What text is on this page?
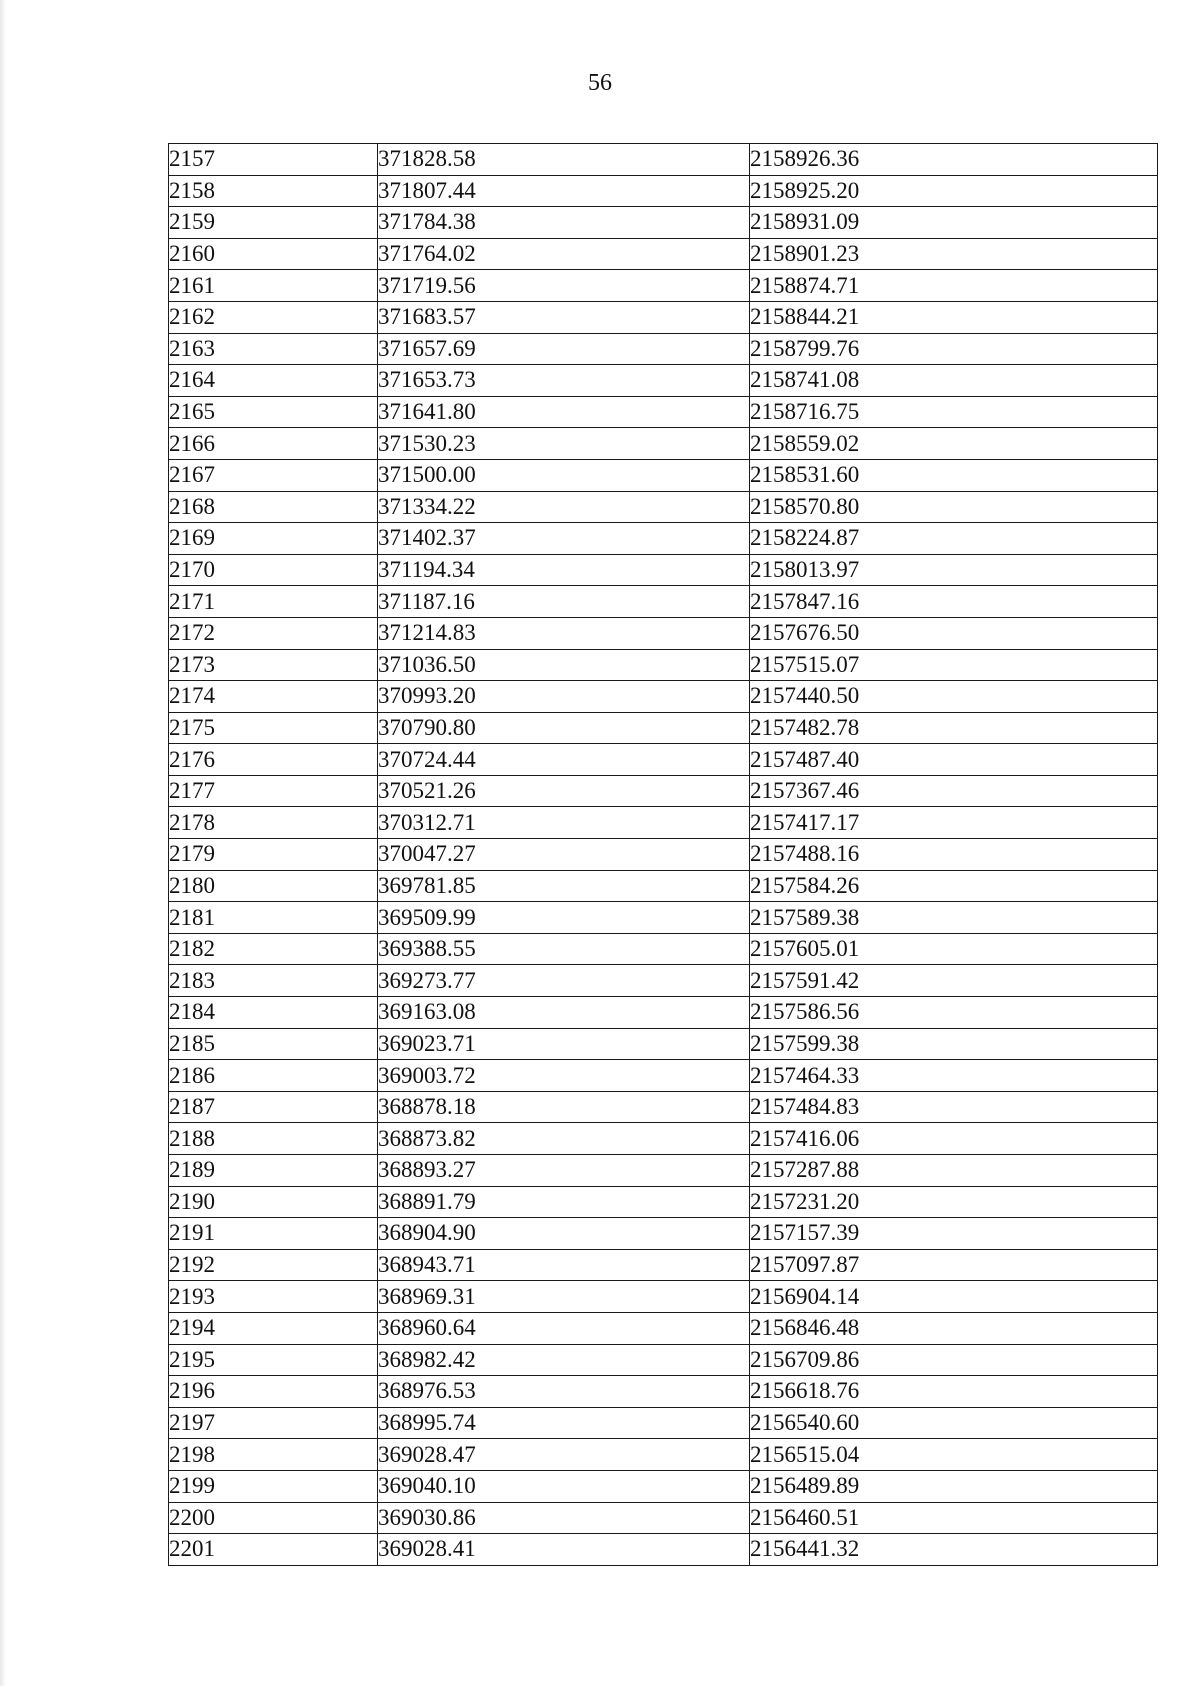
56
2157	371828.58	2158926.36
2158	371807.44	2158925.20
2159	371784.38	2158931.09
2160	371764.02	2158901.23
2161	371719.56	2158874.71
2162	371683.57	2158844.21
2163	371657.69	2158799.76
2164	371653.73	2158741.08
2165	371641.80	2158716.75
2166	371530.23	2158559.02
2167	371500.00	2158531.60
2168	371334.22	2158570.80
2169	371402.37	2158224.87
2170	371194.34	2158013.97
2171	371187.16	2157847.16
2172	371214.83	2157676.50
2173	371036.50	2157515.07
2174	370993.20	2157440.50
2175	370790.80	2157482.78
2176	370724.44	2157487.40
2177	370521.26	2157367.46
2178	370312.71	2157417.17
2179	370047.27	2157488.16
2180	369781.85	2157584.26
2181	369509.99	2157589.38
2182	369388.55	2157605.01
2183	369273.77	2157591.42
2184	369163.08	2157586.56
2185	369023.71	2157599.38
2186	369003.72	2157464.33
2187	368878.18	2157484.83
2188	368873.82	2157416.06
2189	368893.27	2157287.88
2190	368891.79	2157231.20
2191	368904.90	2157157.39
2192	368943.71	2157097.87
2193	368969.31	2156904.14
2194	368960.64	2156846.48
2195	368982.42	2156709.86
2196	368976.53	2156618.76
2197	368995.74	2156540.60
2198	369028.47	2156515.04
2199	369040.10	2156489.89
2200	369030.86	2156460.51
2201	369028.41	2156441.32
